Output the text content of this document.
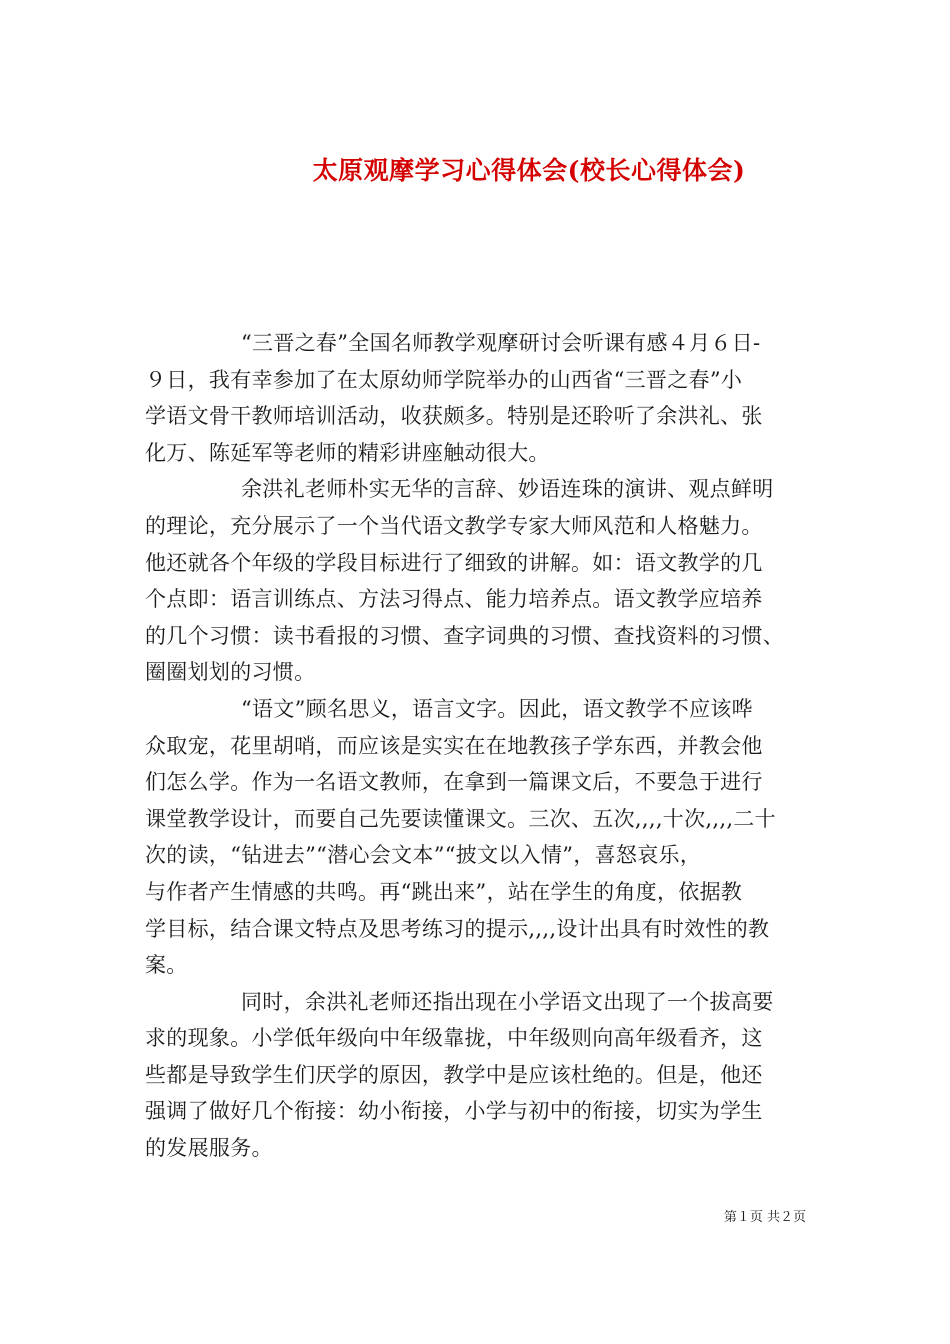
太原观摩学习心得体会(校长心得体会)

“三晋之春”全国名师教学观摩研讨会听课有感４月６日-
９日，我有幸参加了在太原幼师学院举办的山西省“三晋之春”小
学语文骨干教师培训活动，收获颇多。特别是还聆听了余洪礼、张
化万、陈延军等老师的精彩讲座触动很大。

余洪礼老师朴实无华的言辞、妙语连珠的演讲、观点鲜明
的理论，充分展示了一个当代语文教学专家大师风范和人格魅力。
他还就各个年级的学段目标进行了细致的讲解。如：语文教学的几
个点即：语言训练点、方法习得点、能力培养点。语文教学应培养
的几个习惯：读书看报的习惯、查字词典的习惯、查找资料的习惯、
圈圈划划的习惯。

“语文”顾名思义，语言文字。因此，语文教学不应该哗
众取宠，花里胡哨，而应该是实实在在地教孩子学东西，并教会他
们怎么学。作为一名语文教师，在拿到一篇课文后，不要急于进行
课堂教学设计，而要自己先要读懂课文。三次、五次,,,,十次,,,,二十
次的读，“钻进去”“潜心会文本”“披文以入情”，喜怒哀乐，
与作者产生情感的共鸣。再“跳出来”，站在学生的角度，依据教
学目标，结合课文特点及思考练习的提示,,,,设计出具有时效性的教
案。

同时，余洪礼老师还指出现在小学语文出现了一个拔高要
求的现象。小学低年级向中年级靠拢，中年级则向高年级看齐，这
些都是导致学生们厌学的原因，教学中是应该杜绝的。但是，他还
强调了做好几个衔接：幼小衔接，小学与初中的衔接，切实为学生
的发展服务。

第１页 共２页
